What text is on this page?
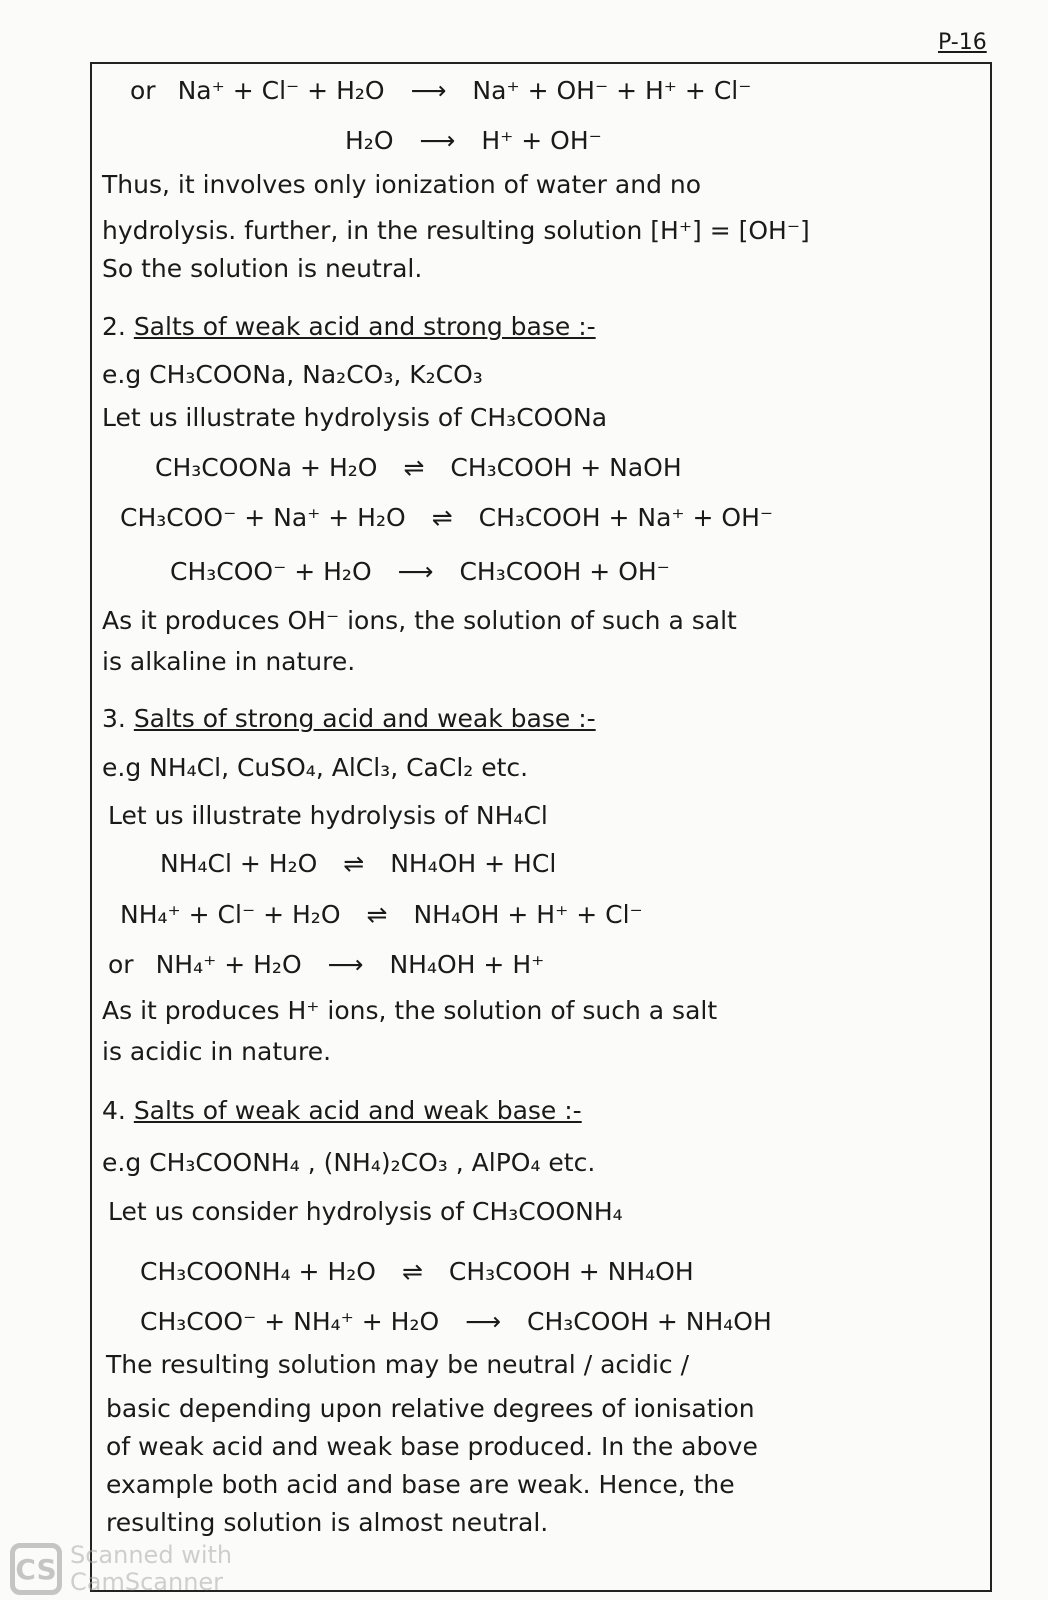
P-16
or Na⁺ + Cl⁻ + H₂O ⟶ Na⁺ + OH⁻ + H⁺ + Cl⁻
H₂O ⟶ H⁺ + OH⁻
Thus, it involves only ionization of water and no
hydrolysis. further, in the resulting solution [H⁺] = [OH⁻]
So the solution is neutral.
2. Salts of weak acid and strong base :-
e.g CH₃COONa, Na₂CO₃, K₂CO₃
Let us illustrate hydrolysis of CH₃COONa
CH₃COONa + H₂O ⇌ CH₃COOH + NaOH
CH₃COO⁻ + Na⁺ + H₂O ⇌ CH₃COOH + Na⁺ + OH⁻
CH₃COO⁻ + H₂O ⟶ CH₃COOH + OH⁻
As it produces OH⁻ ions, the solution of such a salt
is alkaline in nature.
3. Salts of strong acid and weak base :-
e.g NH₄Cl, CuSO₄, AlCl₃, CaCl₂ etc.
Let us illustrate hydrolysis of NH₄Cl
NH₄Cl + H₂O ⇌ NH₄OH + HCl
NH₄⁺ + Cl⁻ + H₂O ⇌ NH₄OH + H⁺ + Cl⁻
or NH₄⁺ + H₂O ⟶ NH₄OH + H⁺
As it produces H⁺ ions, the solution of such a salt
is acidic in nature.
4. Salts of weak acid and weak base :-
e.g CH₃COONH₄ , (NH₄)₂CO₃ , AlPO₄ etc.
Let us consider hydrolysis of CH₃COONH₄
CH₃COONH₄ + H₂O ⇌ CH₃COOH + NH₄OH
CH₃COO⁻ + NH₄⁺ + H₂O ⟶ CH₃COOH + NH₄OH
The resulting solution may be neutral / acidic /
basic depending upon relative degrees of ionisation
of weak acid and weak base produced. In the above
example both acid and base are weak. Hence, the
resulting solution is almost neutral.
CS Scanned with
CamScanner
